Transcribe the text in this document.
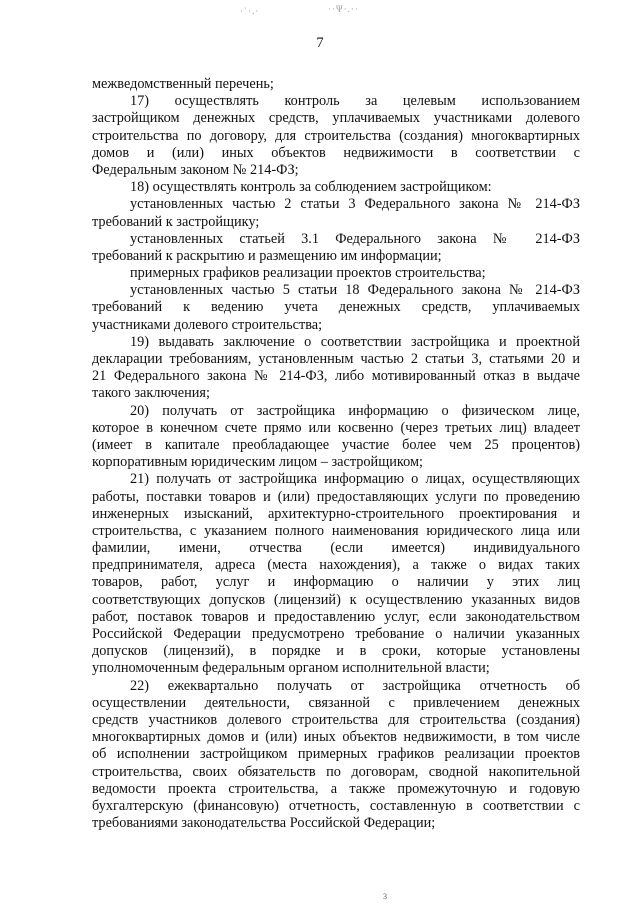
·˙·.·	··Ψ·.··
7
межведомственный перечень;
17) осуществлять контроль за целевым использованием
застройщиком денежных средств, уплачиваемых участниками долевого
строительства по договору, для строительства (создания) многоквартирных
домов и (или) иных объектов недвижимости в соответствии с
Федеральным законом № 214-ФЗ;
18) осуществлять контроль за соблюдением застройщиком:
установленных частью 2 статьи 3 Федерального закона № 214-ФЗ
требований к застройщику;
установленных статьей 3.1 Федерального закона № 214-ФЗ
требований к раскрытию и размещению им информации;
примерных графиков реализации проектов строительства;
установленных частью 5 статьи 18 Федерального закона № 214-ФЗ
требований к ведению учета денежных средств, уплачиваемых
участниками долевого строительства;
19) выдавать заключение о соответствии застройщика и проектной
декларации требованиям, установленным частью 2 статьи 3, статьями 20 и
21 Федерального закона № 214-ФЗ, либо мотивированный отказ в выдаче
такого заключения;
20) получать от застройщика информацию о физическом лице,
которое в конечном счете прямо или косвенно (через третьих лиц) владеет
(имеет в капитале преобладающее участие более чем 25 процентов)
корпоративным юридическим лицом – застройщиком;
21) получать от застройщика информацию о лицах, осуществляющих
работы, поставки товаров и (или) предоставляющих услуги по проведению
инженерных изысканий, архитектурно-строительного проектирования и
строительства, с указанием полного наименования юридического лица или
фамилии, имени, отчества (если имеется) индивидуального
предпринимателя, адреса (места нахождения), а также о видах таких
товаров, работ, услуг и информацию о наличии у этих лиц
соответствующих допусков (лицензий) к осуществлению указанных видов
работ, поставок товаров и предоставлению услуг, если законодательством
Российской Федерации предусмотрено требование о наличии указанных
допусков (лицензий), в порядке и в сроки, которые установлены
уполномоченным федеральным органом исполнительной власти;
22) ежеквартально получать от застройщика отчетность об
осуществлении деятельности, связанной с привлечением денежных
средств участников долевого строительства для строительства (создания)
многоквартирных домов и (или) иных объектов недвижимости, в том числе
об исполнении застройщиком примерных графиков реализации проектов
строительства, своих обязательств по договорам, сводной накопительной
ведомости проекта строительства, а также промежуточную и годовую
бухгалтерскую (финансовую) отчетность, составленную в соответствии с
требованиями законодательства Российской Федерации;
3
